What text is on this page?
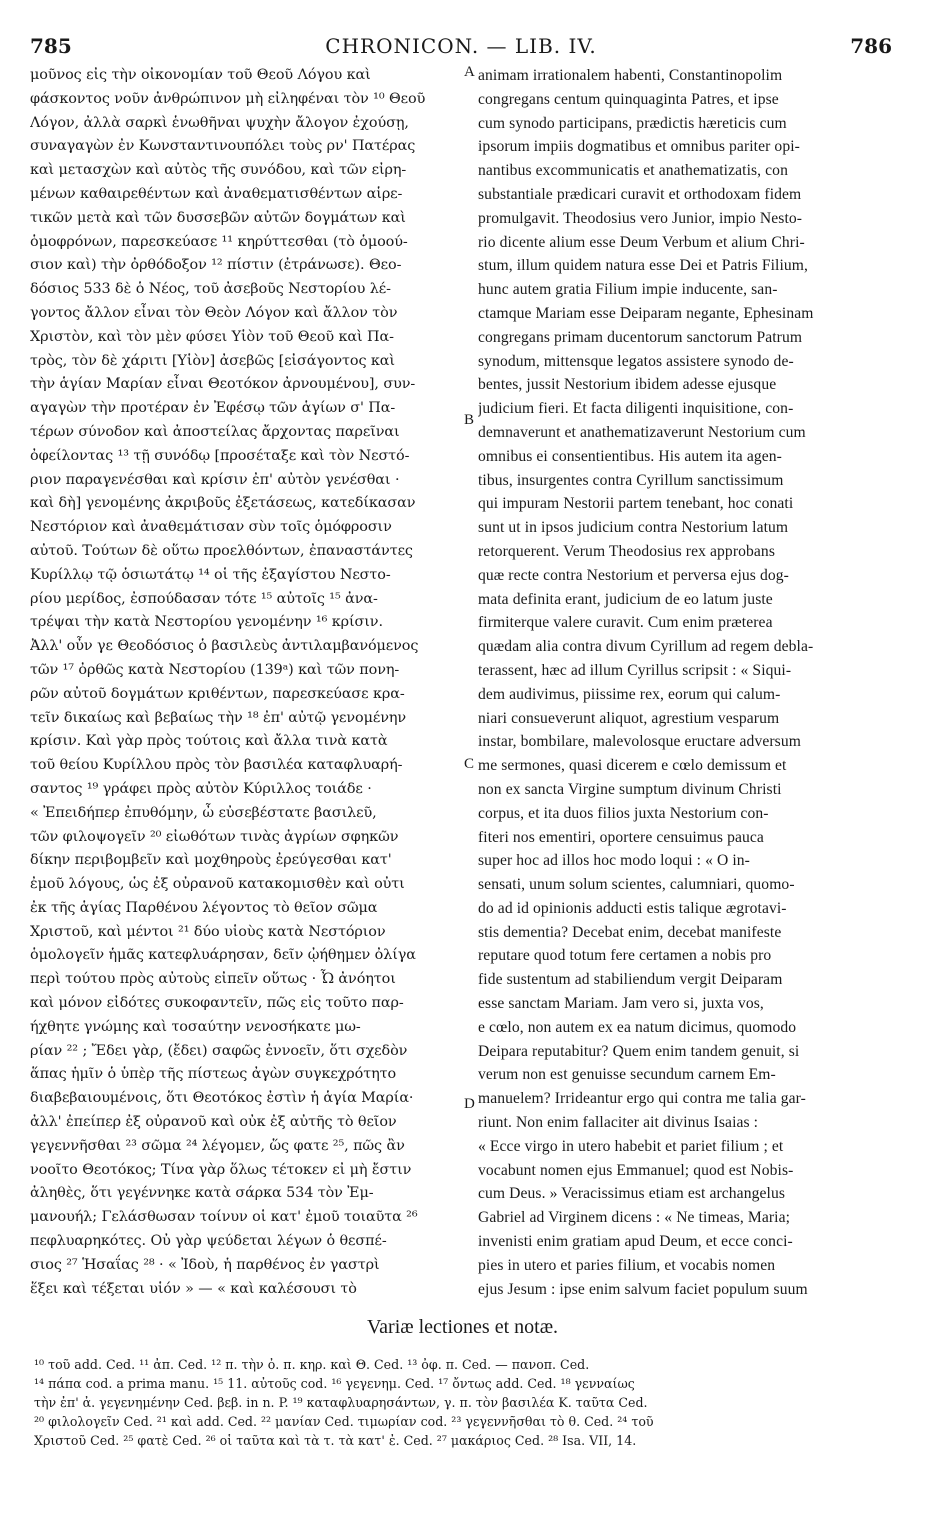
CHRONICON. — LIB. IV.
785	786
μοῦνος εἰς τὴν οἰκονομίαν τοῦ Θεοῦ Λόγου καὶ
φάσκοντος νοῦν ἀνθρώπινον μὴ εἰληφέναι τὸν ¹⁰ Θεοῦ
Λόγον, ἀλλὰ σαρκὶ ἑνωθῆναι ψυχὴν ἄλογον ἐχούσῃ,
συναγαγὼν ἐν Κωνσταντινουπόλει τοὺς ρν' Πατέρας
καὶ μετασχὼν καὶ αὐτὸς τῆς συνόδου, καὶ τῶν εἰρη-
μένων καθαιρεθέντων καὶ ἀναθεματισθέντων αἱρε-
τικῶν μετὰ καὶ τῶν δυσσεβῶν αὐτῶν δογμάτων καὶ
ὁμοφρόνων, παρεσκεύασε ¹¹ κηρύττεσθαι (τὸ ὁμοού-
σιον καὶ) τὴν ὀρθόδοξον ¹² πίστιν (ἐτράνωσε). Θεο-
δόσιος 533 δὲ ὁ Νέος, τοῦ ἀσεβοῦς Νεστορίου λέ-
γοντος ἄλλον εἶναι τὸν Θεὸν Λόγον καὶ ἄλλον τὸν
Χριστὸν, καὶ τὸν μὲν φύσει Υἱὸν τοῦ Θεοῦ καὶ Πα-
τρὸς, τὸν δὲ χάριτι [Υἱὸν] ἀσεβῶς [εἰσάγοντος καὶ
τὴν ἁγίαν Μαρίαν εἶναι Θεοτόκον ἀρνουμένου], συν-
αγαγὼν τὴν προτέραν ἐν Ἐφέσῳ τῶν ἁγίων σ' Πα-
τέρων σύνοδον καὶ ἀποστείλας ἄρχοντας παρεῖναι
ὀφείλοντας ¹³ τῇ συνόδῳ [προσέταξε καὶ τὸν Νεστό-
ριον παραγενέσθαι καὶ κρίσιν ἐπ' αὐτὸν γενέσθαι ·
καὶ δὴ] γενομένης ἀκριβοῦς ἐξετάσεως, κατεδίκασαν
Νεστόριον καὶ ἀναθεμάτισαν σὺν τοῖς ὁμόφροσιν
αὐτοῦ. Τούτων δὲ οὕτω προελθόντων, ἐπαναστάντες
Κυρίλλῳ τῷ ὁσιωτάτῳ ¹⁴ οἱ τῆς ἐξαγίστου Νεστο-
ρίου μερίδος, ἐσπούδασαν τότε ¹⁵ αὐτοῖς ¹⁵ ἀνα-
τρέψαι τὴν κατὰ Νεστορίου γενομένην ¹⁶ κρίσιν.
Ἀλλ' οὖν γε Θεοδόσιος ὁ βασιλεὺς ἀντιλαμβανόμενος
τῶν ¹⁷ ὀρθῶς κατὰ Νεστορίου (139ᵃ) καὶ τῶν πονη-
ρῶν αὐτοῦ δογμάτων κριθέντων, παρεσκεύασε κρα-
τεῖν δικαίως καὶ βεβαίως τὴν ¹⁸ ἐπ' αὐτῷ γενομένην
κρίσιν. Καὶ γὰρ πρὸς τούτοις καὶ ἄλλα τινὰ κατὰ
τοῦ θείου Κυρίλλου πρὸς τὸν βασιλέα καταφλυαρή-
σαντος ¹⁹ γράφει πρὸς αὐτὸν Κύριλλος τοιάδε ·
« Ἐπειδήπερ ἐπυθόμην, ὦ εὐσεβέστατε βασιλεῦ,
τῶν φιλοψογεῖν ²⁰ εἰωθότων τινὰς ἀγρίων σφηκῶν
δίκην περιβομβεῖν καὶ μοχθηροὺς ἐρεύγεσθαι κατ'
ἐμοῦ λόγους, ὡς ἐξ οὐρανοῦ κατακομισθὲν καὶ οὐτι
ἐκ τῆς ἁγίας Παρθένου λέγοντος τὸ θεῖον σῶμα
Χριστοῦ, καὶ μέντοι ²¹ δύο υἱοὺς κατὰ Νεστόριον
ὁμολογεῖν ἡμᾶς κατεφλυάρησαν, δεῖν ᾠήθημεν ὀλίγα
περὶ τούτου πρὸς αὐτοὺς εἰπεῖν οὕτως · Ὦ ἀνόητοι
καὶ μόνον εἰδότες συκοφαντεῖν, πῶς εἰς τοῦτο παρ-
ήχθητε γνώμης καὶ τοσαύτην νενοσήκατε μω-
ρίαν ²² ; Ἔδει γὰρ, (ἔδει) σαφῶς ἐννοεῖν, ὅτι σχεδὸν
ἅπας ἡμῖν ὁ ὑπὲρ τῆς πίστεως ἀγὼν συγκεχρότητο
διαβεβαιουμένοις, ὅτι Θεοτόκος ἐστὶν ἡ ἁγία Μαρία·
ἀλλ' ἐπείπερ ἐξ οὐρανοῦ καὶ οὐκ ἐξ αὐτῆς τὸ θεῖον
γεγεννῆσθαι ²³ σῶμα ²⁴ λέγομεν, ὥς φατε ²⁵, πῶς ἂν
νοοῖτο Θεοτόκος; Τίνα γὰρ ὅλως τέτοκεν εἰ μὴ ἔστιν
ἀληθὲς, ὅτι γεγέννηκε κατὰ σάρκα 534 τὸν Ἐμ-
μανουήλ; Γελάσθωσαν τοίνυν οἱ κατ' ἐμοῦ τοιαῦτα ²⁶
πεφλυαρηκότες. Οὐ γὰρ ψεύδεται λέγων ὁ θεσπέ-
σιος ²⁷ Ἡσαΐας ²⁸ · « Ἰδοὺ, ἡ παρθένος ἐν γαστρὶ
ἕξει καὶ τέξεται υἱόν » — « καὶ καλέσουσι τὸ
A
B
C
D
animam irrationalem habenti, Constantinopolim
congregans centum quinquaginta Patres, et ipse
cum synodo participans, prædictis hæreticis cum
ipsorum impiis dogmatibus et omnibus pariter opi-
nantibus excommunicatis et anathematizatis, con
substantiale prædicari curavit et orthodoxam fidem
promulgavit. Theodosius vero Junior, impio Nesto-
rio dicente alium esse Deum Verbum et alium Chri-
stum, illum quidem natura esse Dei et Patris Filium,
hunc autem gratia Filium impie inducente, san-
ctamque Mariam esse Deiparam negante, Ephesinam
congregans primam ducentorum sanctorum Patrum
synodum, mittensque legatos assistere synodo de-
bentes, jussit Nestorium ibidem adesse ejusque
judicium fieri. Et facta diligenti inquisitione, con-
demnaverunt et anathematizaverunt Nestorium cum
omnibus ei consentientibus. His autem ita agen-
tibus, insurgentes contra Cyrillum sanctissimum
qui impuram Nestorii partem tenebant, hoc conati
sunt ut in ipsos judicium contra Nestorium latum
retorquerent. Verum Theodosius rex approbans
quæ recte contra Nestorium et perversa ejus dog-
mata definita erant, judicium de eo latum juste
firmiterque valere curavit. Cum enim præterea
quædam alia contra divum Cyrillum ad regem debla-
terassent, hæc ad illum Cyrillus scripsit : « Siqui-
dem audivimus, piissime rex, eorum qui calum-
niari consueverunt aliquot, agrestium vesparum
instar, bombilare, malevolosque eructare adversum
me sermones, quasi dicerem e cœlo demissum et
non ex sancta Virgine sumptum divinum Christi
corpus, et ita duos filios juxta Nestorium con-
fiteri nos ementiri, oportere censuimus pauca
super hoc ad illos hoc modo loqui : « O in-
sensati, unum solum scientes, calumniari, quomo-
do ad id opinionis adducti estis talique ægrotavi-
stis dementia? Decebat enim, decebat manifeste
reputare quod totum fere certamen a nobis pro
fide sustentum ad stabiliendum vergit Deiparam
esse sanctam Mariam. Jam vero si, juxta vos,
e cœlo, non autem ex ea natum dicimus, quomodo
Deipara reputabitur? Quem enim tandem genuit, si
verum non est genuisse secundum carnem Em-
manuelem? Irrideantur ergo qui contra me talia gar-
riunt. Non enim fallaciter ait divinus Isaias :
« Ecce virgo in utero habebit et pariet filium ; et
vocabunt nomen ejus Emmanuel; quod est Nobis-
cum Deus. » Veracissimus etiam est archangelus
Gabriel ad Virginem dicens : « Ne timeas, Maria;
invenisti enim gratiam apud Deum, et ecce conci-
pies in utero et paries filium, et vocabis nomen
ejus Jesum : ipse enim salvum faciet populum suum
Variæ lectiones et notæ.
¹⁰ τοῦ add. Ced. ¹¹ ἀπ. Ced. ¹² π. τὴν ὀ. π. κηρ. καὶ Θ. Ced. ¹³ ὀφ. π. Ced. — πανοπ. Ced.
¹⁴ πάπα cod. a prima manu. ¹⁵ 11. αὐτοῦς cod. ¹⁶ γεγενημ. Ced. ¹⁷ ὄντως add. Ced. ¹⁸ γενναίως
τὴν ἐπ' ἀ. γεγενημένην Ced. βεβ. in n. P. ¹⁹ καταφλυαρησάντων, γ. π. τὸν βασιλέα Κ. ταῦτα Ced.
²⁰ φιλολογεῖν Ced. ²¹ καὶ add. Ced. ²² μανίαν Ced. τιμωρίαν cod. ²³ γεγεννῆσθαι τὸ θ. Ced. ²⁴ τοῦ
Χριστοῦ Ced. ²⁵ φατὲ Ced. ²⁶ οἱ ταῦτα καὶ τὰ τ. τὰ κατ' ἐ. Ced. ²⁷ μακάριος Ced. ²⁸ Isa. VII, 14.
